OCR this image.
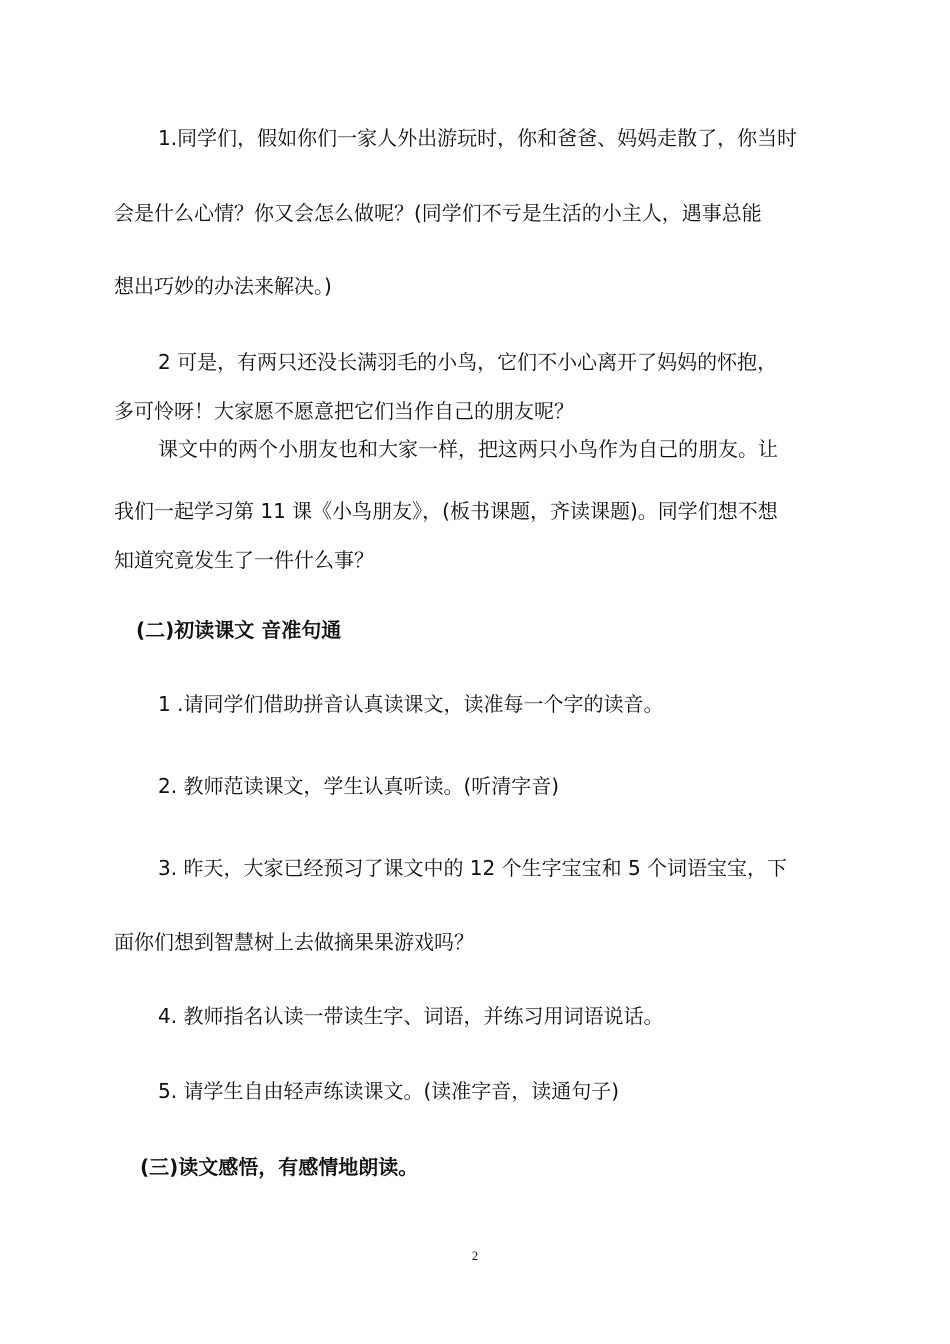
1.同学们，假如你们一家人外出游玩时，你和爸爸、妈妈走散了，你当时
会是什么心情？你又会怎么做呢？(同学们不亏是生活的小主人，遇事总能
想出巧妙的办法来解决。)
2 可是，有两只还没长满羽毛的小鸟，它们不小心离开了妈妈的怀抱，
多可怜呀！大家愿不愿意把它们当作自己的朋友呢？
课文中的两个小朋友也和大家一样，把这两只小鸟作为自己的朋友。让
我们一起学习第 11 课《小鸟朋友》，(板书课题，齐读课题)。同学们想不想
知道究竟发生了一件什么事？
(二)初读课文 音准句通
1 .请同学们借助拼音认真读课文，读准每一个字的读音。
2. 教师范读课文，学生认真听读。(听清字音)
3. 昨天，大家已经预习了课文中的 12 个生字宝宝和 5 个词语宝宝，下
面你们想到智慧树上去做摘果果游戏吗？
4. 教师指名认读一带读生字、词语，并练习用词语说话。
5. 请学生自由轻声练读课文。(读准字音，读通句子)
(三)读文感悟，有感情地朗读。
2
